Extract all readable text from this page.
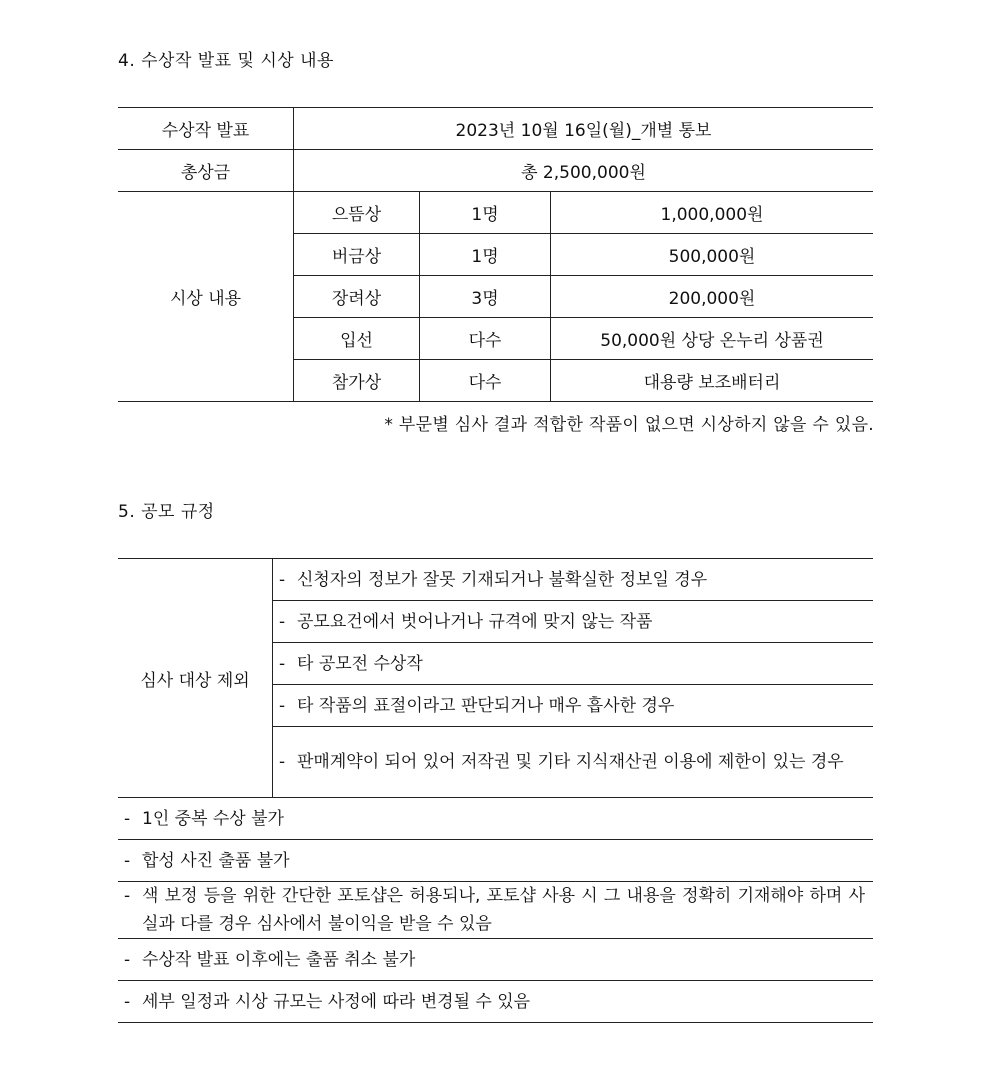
4. 수상작 발표 및 시상 내용
수상작 발표	2023년 10월 16일(월)_개별 통보		
총상금	총 2,500,000원		
시상 내용	으뜸상	1명	1,000,000원
	버금상	1명	500,000원
	장려상	3명	200,000원
	입선	다수	50,000원 상당 온누리 상품권
	참가상	다수	대용량 보조배터리
* 부문별 심사 결과 적합한 작품이 없으면 시상하지 않을 수 있음.
5. 공모 규정
심사 대상 제외	
- 신청자의 정보가 잘못 기재되거나 불확실한 정보일 경우

- 공모요건에서 벗어나거나 규격에 맞지 않는 작품

- 타 공모전 수상작

- 타 작품의 표절이라고 판단되거나 매우 흡사한 경우

- 판매계약이 되어 있어 저작권 및 기타 지식재산권 이용에 제한이 있는 경우

- 1인 중복 수상 불가

- 합성 사진 출품 불가

- 색 보정 등을 위한 간단한 포토샵은 허용되나, 포토샵 사용 시 그 내용을 정확히 기재해야 하며 사실과 다를 경우 심사에서 불이익을 받을 수 있음

- 수상작 발표 이후에는 출품 취소 불가

- 세부 일정과 시상 규모는 사정에 따라 변경될 수 있음
